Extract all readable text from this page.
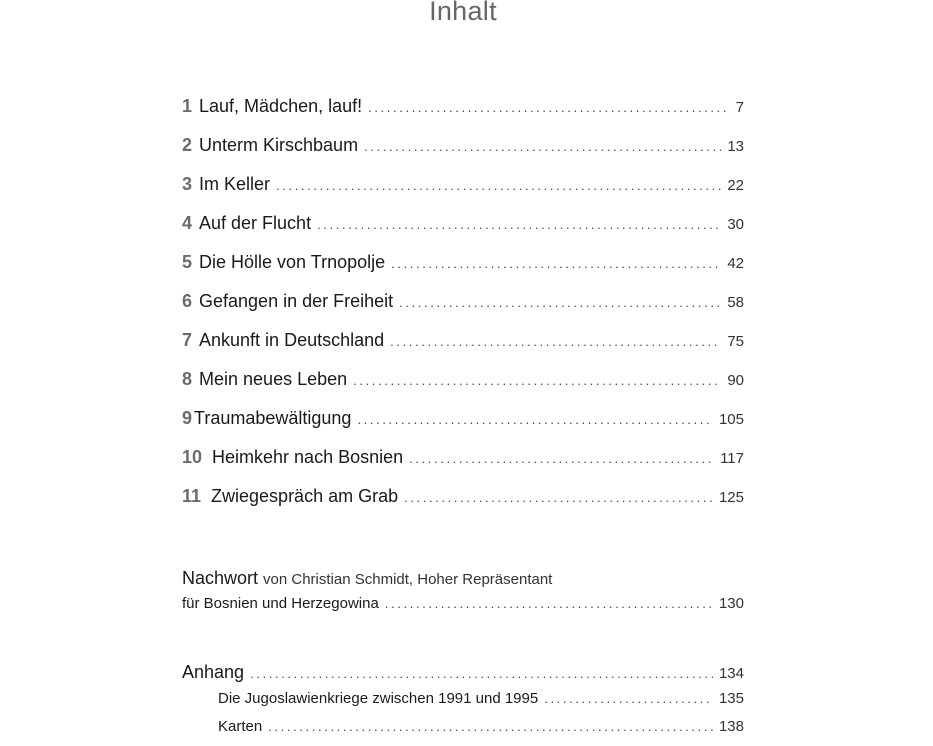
Inhalt
1 Lauf, Mädchen, lauf! . . .	7
2 Unterm Kirschbaum . . .	13
3 Im Keller . . .	22
4 Auf der Flucht . . .	30
5 Die Hölle von Trnopolje . . .	42
6 Gefangen in der Freiheit . . .	58
7 Ankunft in Deutschland . . .	75
8 Mein neues Leben . . .	90
9 Traumabewältigung . . .	105
10 Heimkehr nach Bosnien . . .	117
11 Zwiegespräch am Grab . . .	125
Nachwort von Christian Schmidt, Hoher Repräsentant
für Bosnien und Herzegowina . . .	130
Anhang . . .	134
Die Jugoslawienkriege zwischen 1991 und 1995 . . .	135
Karten . . .	138
